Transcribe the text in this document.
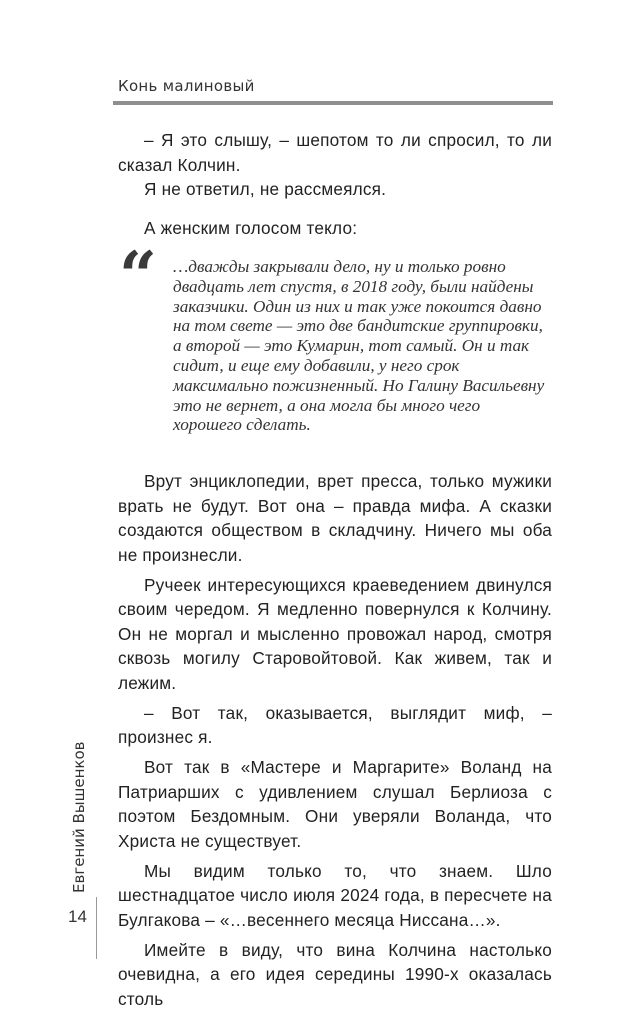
Конь малиновый

– Я это слышу, – шепотом то ли спросил, то ли сказал Колчин.

Я не ответил, не рассмеялся.

А женским голосом текло:

“ …дважды закрывали дело, ну и только ровно двадцать лет спустя, в 2018 году, были найдены заказчики. Один из них и так уже покоится давно на том свете — это две бандитские группировки, а второй — это Кумарин, тот самый. Он и так сидит, и еще ему добавили, у него срок максимально пожизненный. Но Галину Васильевну это не вернет, а она могла бы много чего хорошего сделать.

Врут энциклопедии, врет пресса, только мужики врать не будут. Вот она – правда мифа. А сказки создаются обществом в складчину. Ничего мы оба не произнесли.

Ручеек интересующихся краеведением двинулся своим чередом. Я медленно повернулся к Колчину. Он не моргал и мысленно провожал народ, смотря сквозь могилу Старовойтовой. Как живем, так и лежим.

– Вот так, оказывается, выглядит миф, – произнес я.

Вот так в «Мастере и Маргарите» Воланд на Патриарших с удивлением слушал Берлиоза с поэтом Бездомным. Они уверяли Воланда, что Христа не существует.

Мы видим только то, что знаем. Шло шестнадцатое число июля 2024 года, в пересчете на Булгакова – «…весеннего месяца Ниссана…».

Имейте в виду, что вина Колчина настолько очевидна, а его идея середины 1990-х оказалась столь

Евгений Вышенков
14
